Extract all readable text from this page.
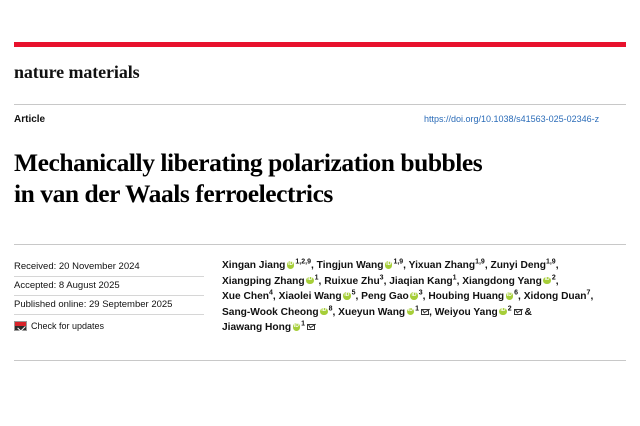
nature materials
Article	https://doi.org/10.1038/s41563-025-02346-z
Mechanically liberating polarization bubbles
in van der Waals ferroelectrics
Received: 20 November 2024
Accepted: 8 August 2025
Published online: 29 September 2025
Check for updates
Xingan Jiang iD $^{1,2,9}$, Tingjun Wang iD $^{1,9}$, Yixuan Zhang$^{1,9}$, Zunyi Deng$^{1,9}$,
Xiangping Zhang iD $^1$, Ruixue Zhu$^3$, Jiaqian Kang$^1$, Xiangdong Yang iD $^2$,
Xue Chen$^4$, Xiaolei Wang iD $^5$, Peng Gao iD $^3$, Houbing Huang iD $^6$, Xidong Duan$^7$,
Sang-Wook Cheong iD $^8$, Xueyun Wang iD $^1$ , Weiyou Yang iD $^2$ &
Jiawang Hong iD $^1$
